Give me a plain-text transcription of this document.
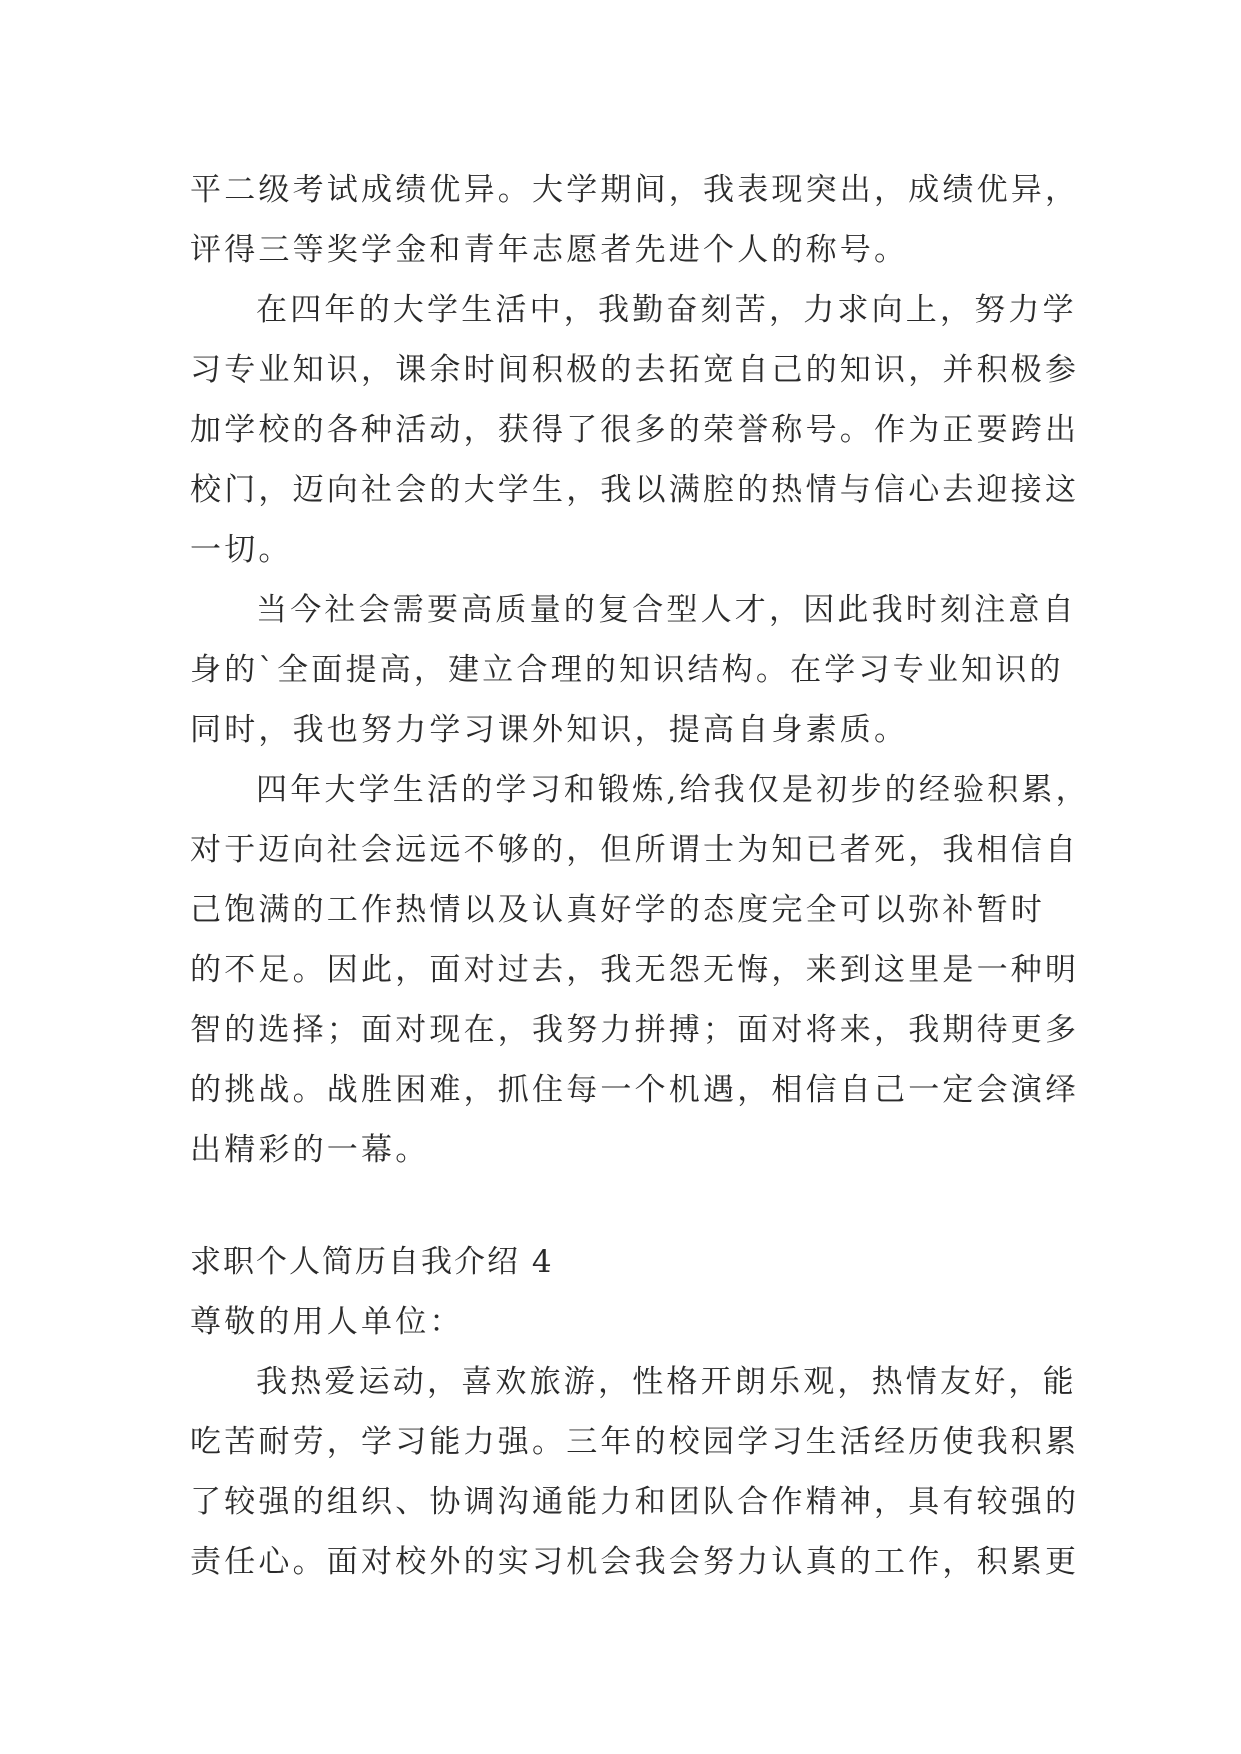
平二级考试成绩优异。大学期间，我表现突出，成绩优异，
评得三等奖学金和青年志愿者先进个人的称号。
在四年的大学生活中，我勤奋刻苦，力求向上，努力学
习专业知识，课余时间积极的去拓宽自己的知识，并积极参
加学校的各种活动，获得了很多的荣誉称号。作为正要跨出
校门，迈向社会的大学生，我以满腔的热情与信心去迎接这
一切。
当今社会需要高质量的复合型人才，因此我时刻注意自
身的`全面提高，建立合理的知识结构。在学习专业知识的
同时，我也努力学习课外知识，提高自身素质。
四年大学生活的学习和锻炼,给我仅是初步的经验积累，
对于迈向社会远远不够的，但所谓士为知已者死，我相信自
己饱满的工作热情以及认真好学的态度完全可以弥补暂时
的不足。因此，面对过去，我无怨无悔，来到这里是一种明
智的选择；面对现在，我努力拼搏；面对将来，我期待更多
的挑战。战胜困难，抓住每一个机遇，相信自己一定会演绎
出精彩的一幕。
求职个人简历自我介绍 4
尊敬的用人单位：
我热爱运动，喜欢旅游，性格开朗乐观，热情友好，能
吃苦耐劳，学习能力强。三年的校园学习生活经历使我积累
了较强的组织、协调沟通能力和团队合作精神，具有较强的
责任心。面对校外的实习机会我会努力认真的工作，积累更
